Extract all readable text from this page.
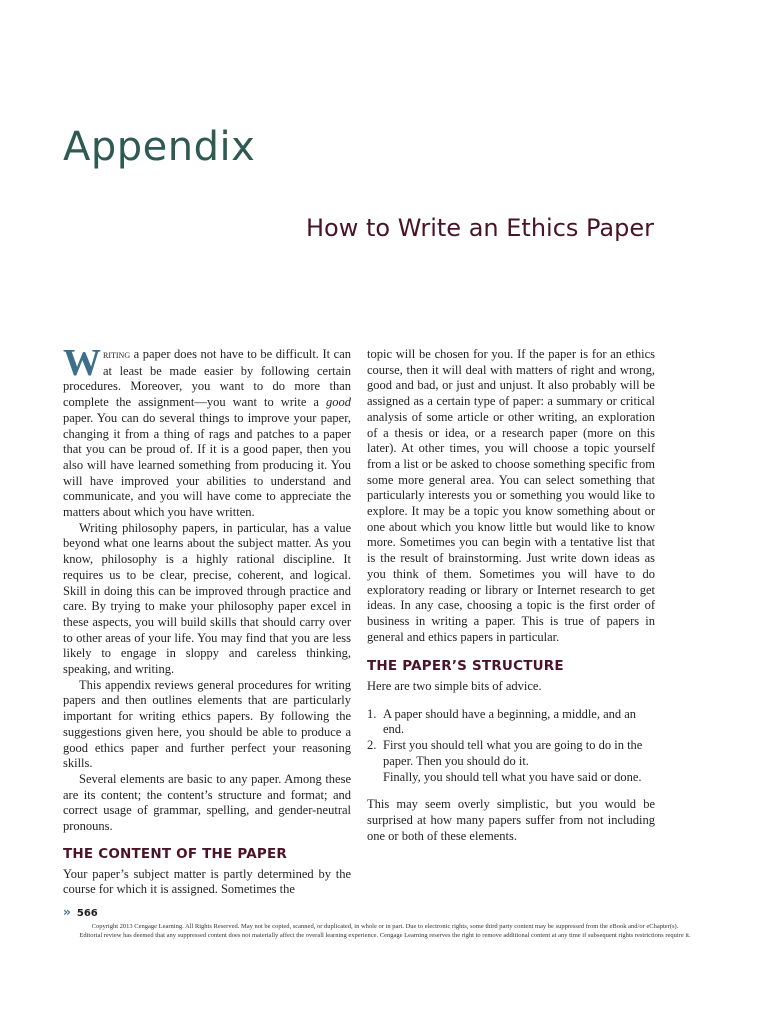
Appendix
How to Write an Ethics Paper

Writing a paper does not have to be difficult. It can at least be made easier by following certain procedures. Moreover, you want to do more than complete the assignment—you want to write a good paper. You can do several things to improve your paper, changing it from a thing of rags and patches to a paper that you can be proud of. If it is a good paper, then you also will have learned something from producing it. You will have improved your abilities to understand and communicate, and you will have come to appreciate the matters about which you have written.

Writing philosophy papers, in particular, has a value beyond what one learns about the subject matter. As you know, philosophy is a highly rational discipline. It requires us to be clear, precise, coherent, and logical. Skill in doing this can be improved through practice and care. By trying to make your philosophy paper excel in these aspects, you will build skills that should carry over to other areas of your life. You may find that you are less likely to engage in sloppy and careless thinking, speaking, and writing.

This appendix reviews general procedures for writing papers and then outlines elements that are particularly important for writing ethics papers. By following the suggestions given here, you should be able to produce a good ethics paper and further perfect your reasoning skills.

Several elements are basic to any paper. Among these are its content; the content’s structure and format; and correct usage of grammar, spelling, and gender-neutral pronouns.

THE CONTENT OF THE PAPER

Your paper’s subject matter is partly determined by the course for which it is assigned. Sometimes the

topic will be chosen for you. If the paper is for an ethics course, then it will deal with matters of right and wrong, good and bad, or just and unjust. It also probably will be assigned as a certain type of paper: a summary or critical analysis of some article or other writing, an exploration of a thesis or idea, or a research paper (more on this later). At other times, you will choose a topic yourself from a list or be asked to choose something specific from some more general area. You can select something that particularly interests you or something you would like to explore. It may be a topic you know something about or one about which you know little but would like to know more. Sometimes you can begin with a tentative list that is the result of brainstorming. Just write down ideas as you think of them. Sometimes you will have to do exploratory reading or library or Internet research to get ideas. In any case, choosing a topic is the first order of business in writing a paper. This is true of papers in general and ethics papers in particular.

THE PAPER’S STRUCTURE

Here are two simple bits of advice.

1. A paper should have a beginning, a middle, and an end.
2. First you should tell what you are going to do in the paper. Then you should do it.
Finally, you should tell what you have said or done.

This may seem overly simplistic, but you would be surprised at how many papers suffer from not including one or both of these elements.

›› 566
Copyright 2013 Cengage Learning. All Rights Reserved. May not be copied, scanned, or duplicated, in whole or in part. Due to electronic rights, some third party content may be suppressed from the eBook and/or eChapter(s).
Editorial review has deemed that any suppressed content does not materially affect the overall learning experience. Cengage Learning reserves the right to remove additional content at any time if subsequent rights restrictions require it.
